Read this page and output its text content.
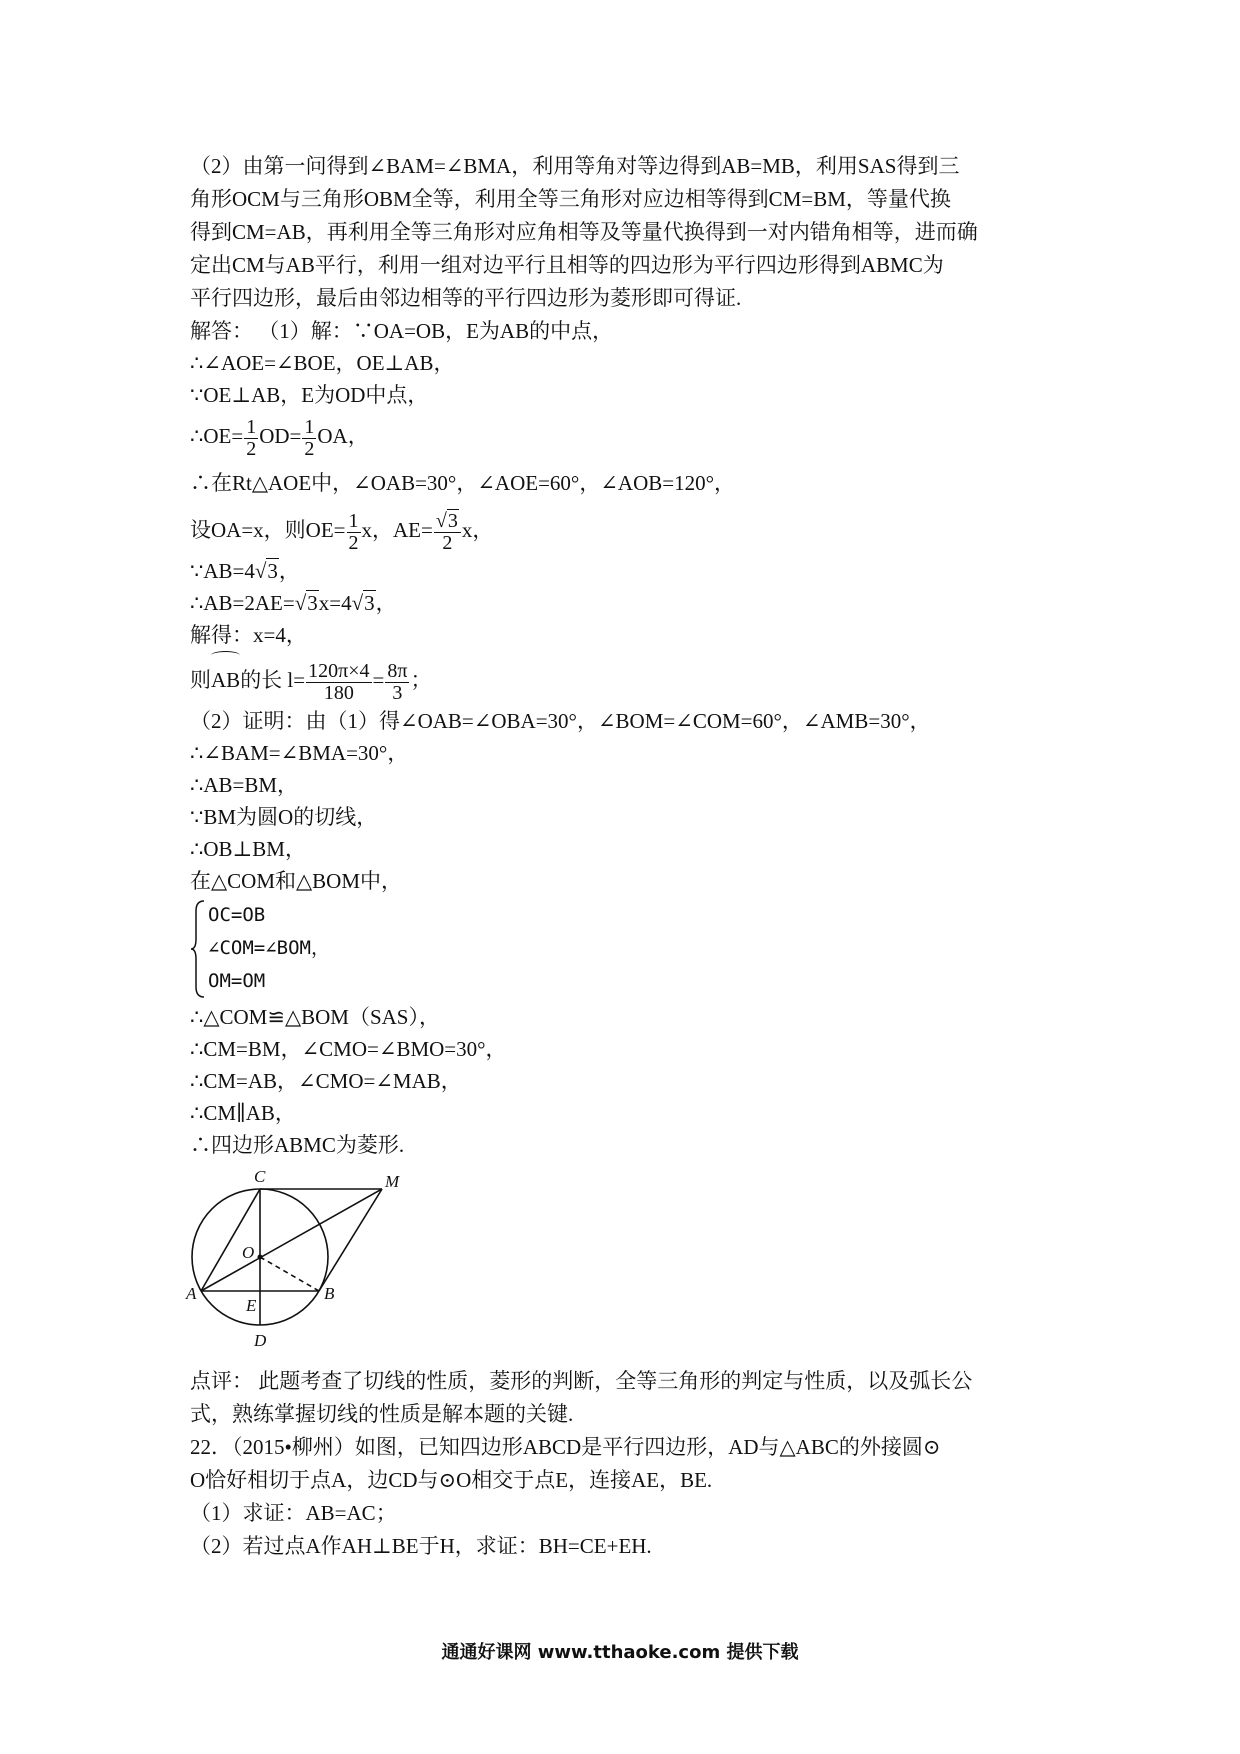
（2）由第一问得到∠BAM=∠BMA，利用等角对等边得到AB=MB，利用SAS得到三
角形OCM与三角形OBM全等，利用全等三角形对应边相等得到CM=BM，等量代换
得到CM=AB，再利用全等三角形对应角相等及等量代换得到一对内错角相等，进而确
定出CM与AB平行，利用一组对边平行且相等的四边形为平行四边形得到ABMC为
平行四边形，最后由邻边相等的平行四边形为菱形即可得证.
解答： （1）解：∵OA=OB，E为AB的中点，
∴∠AOE=∠BOE，OE⊥AB，
∵OE⊥AB，E为OD中点，
∴OE= $\frac{1}{2} OD= \frac{1}{2}$ OA，
∴在Rt△AOE中，∠OAB=30°，∠AOE=60°，∠AOB=120°，
设OA=x，则$OE= \frac{1}{2}$ x，$AE= \frac{√3}{2}$ x，
∵AB=4√3，
∴AB=2AE=√3x=4√3，
解得：x=4，
则AB的长 $l= \frac{120\pi\times 4}{180} = \frac{8\pi}{3}$ ；
（2）证明：由（1）得∠OAB=∠OBA=30°，∠BOM=∠COM=60°，∠AMB=30°，
∴∠BAM=∠BMA=30°，
∴AB=BM，
∵BM为圆O的切线，
∴OB⊥BM，
在△COM和△BOM中，
OC=OB
∠COM=∠BOM，
OM=OM
∴△COM≌△BOM（SAS），
∴CM=BM，∠CMO=∠BMO=30°，
∴CM=AB，∠CMO=∠MAB，
∴CM∥AB，
∴四边形ABMC为菱形.
C	M
O
A
E
B
D
点评： 此题考查了切线的性质，菱形的判断，全等三角形的判定与性质，以及弧长公
式，熟练掌握切线的性质是解本题的关键.
22．（2015•柳州）如图，已知四边形ABCD是平行四边形，AD与△ABC的外接圆⊙
O恰好相切于点A，边CD与⊙O相交于点E，连接AE，BE.
（1）求证：AB=AC；
（2）若过点A作AH⊥BE于H，求证：BH=CE+EH.
通通好课网 www.tthaoke.com 提供下载
